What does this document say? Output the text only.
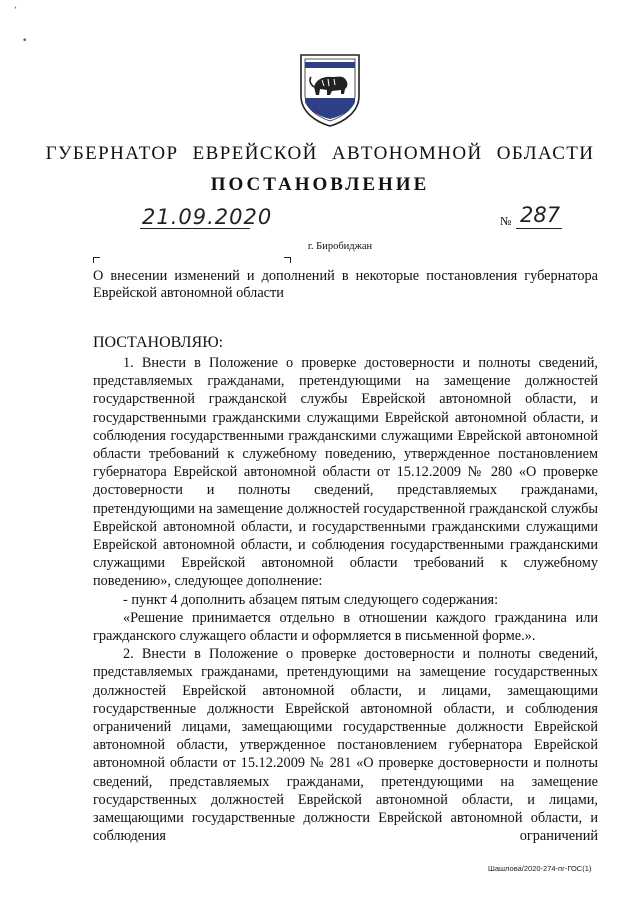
ʻ
•
ГУБЕРНАТОР ЕВРЕЙСКОЙ АВТОНОМНОЙ ОБЛАСТИ
ПОСТАНОВЛЕНИЕ
21.09.2020	№ 287
г. Биробиджан
О внесении изменений и дополнений в некоторые постановления губернатора Еврейской автономной области
ПОСТАНОВЛЯЮ:

1. Внести в Положение о проверке достоверности и полноты сведений, представляемых гражданами, претендующими на замещение должностей государственной гражданской службы Еврейской автономной области, и государственными гражданскими служащими Еврейской автономной области, и соблюдения государственными гражданскими служащими Еврейской автономной области требований к служебному поведению, утвержденное постановлением губернатора Еврейской автономной области от 15.12.2009 № 280 «О проверке достоверности и полноты сведений, представляемых гражданами, претендующими на замещение должностей государственной гражданской службы Еврейской автономной области, и государственными гражданскими служащими Еврейской автономной области, и соблюдения государственными гражданскими служащими Еврейской автономной области требований к служебному поведению», следующее дополнение:

- пункт 4 дополнить абзацем пятым следующего содержания:

«Решение принимается отдельно в отношении каждого гражданина или гражданского служащего области и оформляется в письменной форме.».

2. Внести в Положение о проверке достоверности и полноты сведений, представляемых гражданами, претендующими на замещение государственных должностей Еврейской автономной области, и лицами, замещающими государственные должности Еврейской автономной области, и соблюдения ограничений лицами, замещающими государственные должности Еврейской автономной области, утвержденное постановлением губернатора Еврейской автономной области от 15.12.2009 № 281 «О проверке достоверности и полноты сведений, представляемых гражданами, претендующими на замещение государственных должностей Еврейской автономной области, и лицами, замещающими государственные должности Еврейской автономной области, и соблюдения ограничений

Шашлова/2020-274-пг-ГОС(1)
